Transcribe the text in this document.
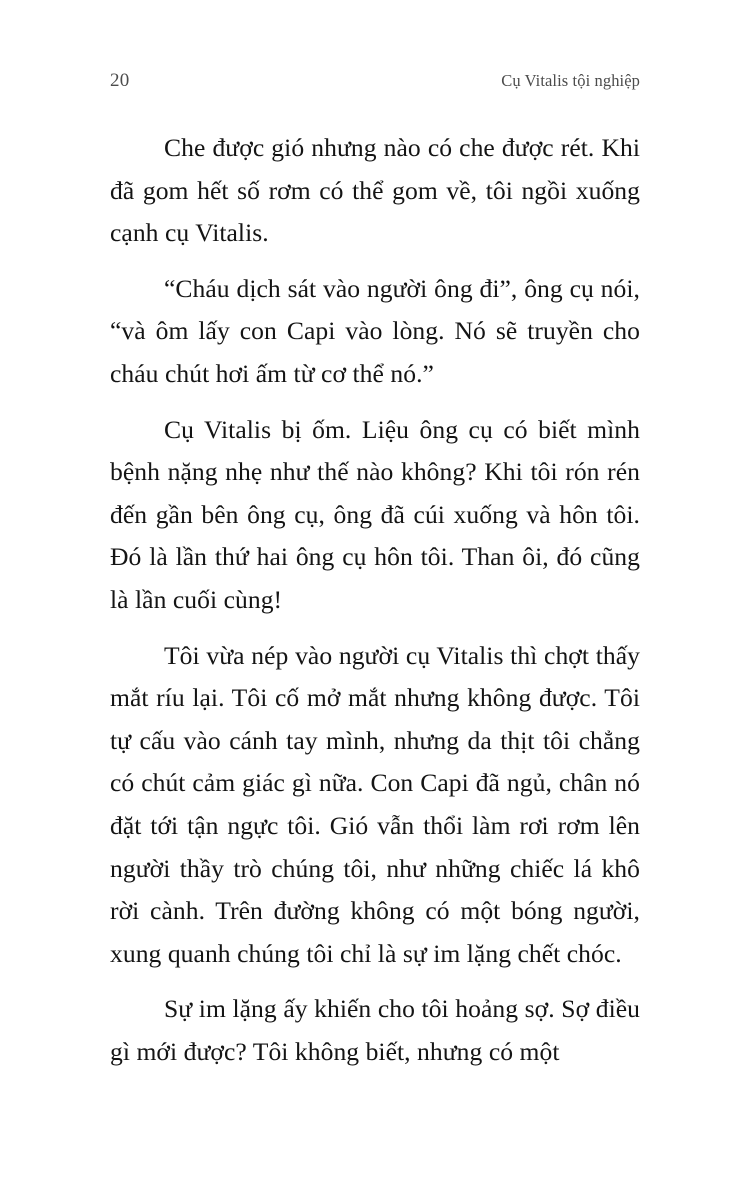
20	Cụ Vitalis tội nghiệp

Che được gió nhưng nào có che được rét. Khi đã gom hết số rơm có thể gom về, tôi ngồi xuống cạnh cụ Vitalis.

“Cháu dịch sát vào người ông đi”, ông cụ nói, “và ôm lấy con Capi vào lòng. Nó sẽ truyền cho cháu chút hơi ấm từ cơ thể nó.”

Cụ Vitalis bị ốm. Liệu ông cụ có biết mình bệnh nặng nhẹ như thế nào không? Khi tôi rón rén đến gần bên ông cụ, ông đã cúi xuống và hôn tôi. Đó là lần thứ hai ông cụ hôn tôi. Than ôi, đó cũng là lần cuối cùng!

Tôi vừa nép vào người cụ Vitalis thì chợt thấy mắt ríu lại. Tôi cố mở mắt nhưng không được. Tôi tự cấu vào cánh tay mình, nhưng da thịt tôi chẳng có chút cảm giác gì nữa. Con Capi đã ngủ, chân nó đặt tới tận ngực tôi. Gió vẫn thổi làm rơi rơm lên người thầy trò chúng tôi, như những chiếc lá khô rời cành. Trên đường không có một bóng người, xung quanh chúng tôi chỉ là sự im lặng chết chóc.

Sự im lặng ấy khiến cho tôi hoảng sợ. Sợ điều gì mới được? Tôi không biết, nhưng có một
